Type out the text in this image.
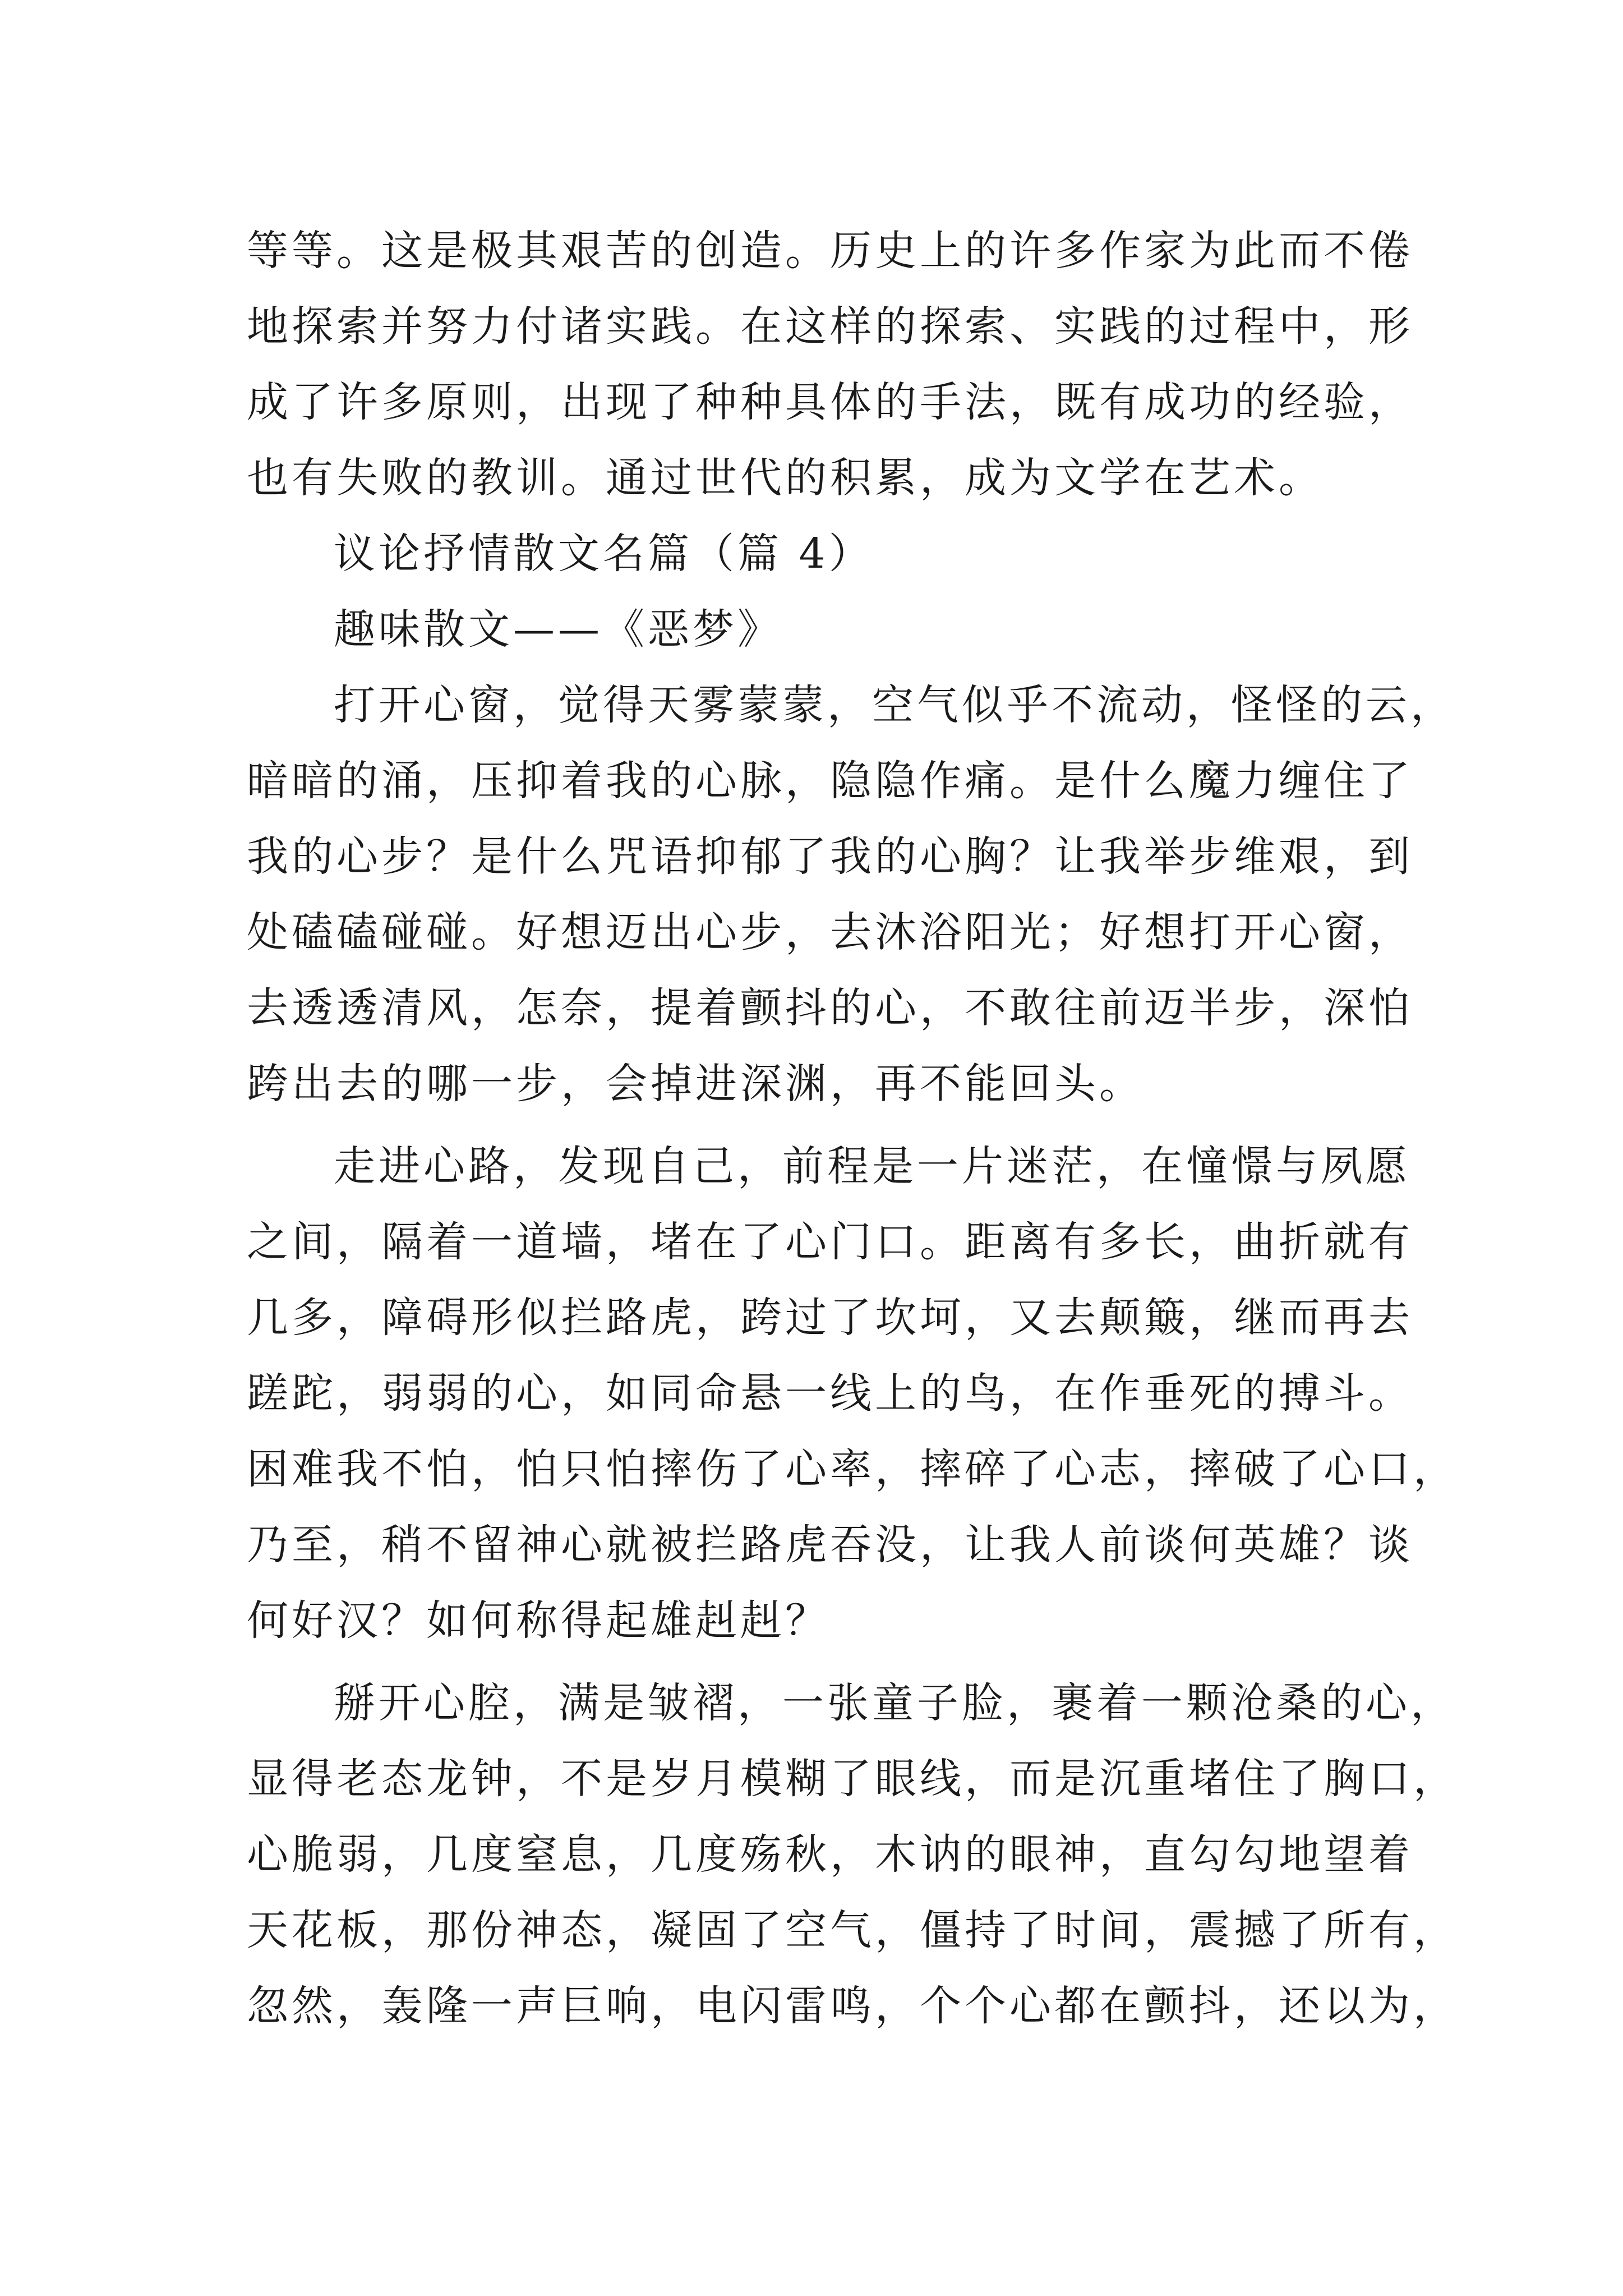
等等。这是极其艰苦的创造。历史上的许多作家为此而不倦
地探索并努力付诸实践。在这样的探索、实践的过程中，形
成了许多原则，出现了种种具体的手法，既有成功的经验，
也有失败的教训。通过世代的积累，成为文学在艺术。
议论抒情散文名篇（篇 4）
趣味散文——《恶梦》
打开心窗，觉得天雾蒙蒙，空气似乎不流动，怪怪的云，
暗暗的涌，压抑着我的心脉，隐隐作痛。是什么魔力缠住了
我的心步？是什么咒语抑郁了我的心胸？让我举步维艰，到
处磕磕碰碰。好想迈出心步，去沐浴阳光；好想打开心窗，
去透透清风，怎奈，提着颤抖的心，不敢往前迈半步，深怕
跨出去的哪一步，会掉进深渊，再不能回头。
走进心路，发现自己，前程是一片迷茫，在憧憬与夙愿
之间，隔着一道墙，堵在了心门口。距离有多长，曲折就有
几多，障碍形似拦路虎，跨过了坎坷，又去颠簸，继而再去
蹉跎，弱弱的心，如同命悬一线上的鸟，在作垂死的搏斗。
困难我不怕，怕只怕摔伤了心率，摔碎了心志，摔破了心口，
乃至，稍不留神心就被拦路虎吞没，让我人前谈何英雄？谈
何好汉？如何称得起雄赳赳？
掰开心腔，满是皱褶，一张童子脸，裹着一颗沧桑的心，
显得老态龙钟，不是岁月模糊了眼线，而是沉重堵住了胸口，
心脆弱，几度窒息，几度殇秋，木讷的眼神，直勾勾地望着
天花板，那份神态，凝固了空气，僵持了时间，震撼了所有，
忽然，轰隆一声巨响，电闪雷鸣，个个心都在颤抖，还以为，
